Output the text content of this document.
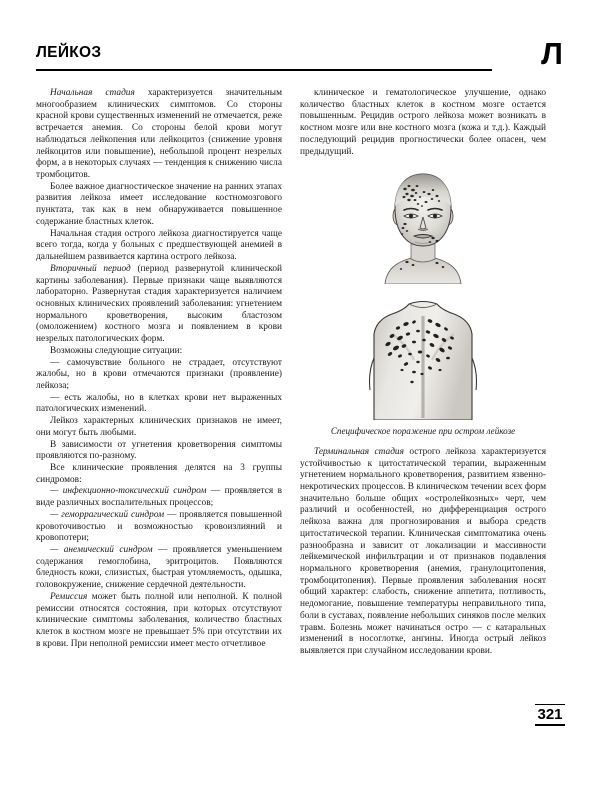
ЛЕЙКОЗ	Л

Начальная стадия характеризуется значительным многообразием клинических симптомов. Со стороны красной крови существенных изменений не отмечается, реже встречается анемия. Со стороны белой крови могут наблюдаться лейкопения или лейкоцитоз (снижение уровня лейкоцитов или повышение), небольшой процент незрелых форм, а в некоторых случаях — тенденция к снижению числа тромбоцитов.

Более важное диагностическое значение на ранних этапах развития лейкоза имеет исследование костномозгового пунктата, так как в нем обнаруживается повышенное содержание бластных клеток.

Начальная стадия острого лейкоза диагностируется чаще всего тогда, когда у больных с предшествующей анемией в дальнейшем развивается картина острого лейкоза.

Вторичный период (период развернутой клинической картины заболевания). Первые признаки чаще выявляются лабораторно. Развернутая стадия характеризуется наличием основных клинических проявлений заболевания: угнетением нормального кроветворения, высоким бластозом (омоложением) костного мозга и появлением в крови незрелых патологических форм.

Возможны следующие ситуации:

— самочувствие больного не страдает, отсутствуют жалобы, но в крови отмечаются признаки (проявление) лейкоза;

— есть жалобы, но в клетках крови нет выраженных патологических изменений.

Лейкоз характерных клинических признаков не имеет, они могут быть любыми.

В зависимости от угнетения кроветворения симптомы проявляются по-разному.

Все клинические проявления делятся на 3 группы синдромов:

— инфекционно-токсический синдром — проявляется в виде различных воспалительных процессов;

— геморрагический синдром — проявляется повышенной кровоточивостью и возможностью кровоизлияний и кровопотери;

— анемический синдром — проявляется уменьшением содержания гемоглобина, эритроцитов. Появляются бледность кожи, слизистых, быстрая утомляемость, одышка, головокружение, снижение сердечной деятельности.

Ремиссия может быть полной или неполной. К полной ремиссии относятся состояния, при которых отсутствуют клинические симптомы заболевания, количество бластных клеток в костном мозге не превышает 5% при отсутствии их в крови. При неполной ремиссии имеет место отчетливое

клиническое и гематологическое улучшение, однако количество бластных клеток в костном мозге остается повышенным. Рецидив острого лейкоза может возникать в костном мозге или вне костного мозга (кожа и т.д.). Каждый последующий рецидив прогностически более опасен, чем предыдущий.

Специфическое поражение при остром лейкозе

Терминальная стадия острого лейкоза характеризуется устойчивостью к цитостатической терапии, выраженным угнетением нормального кроветворения, развитием язвенно-некротических процессов. В клиническом течении всех форм значительно больше общих «остролейкозных» черт, чем различий и особенностей, но дифференциация острого лейкоза важна для прогнозирования и выбора средств цитостатической терапии. Клиническая симптоматика очень разнообразна и зависит от локализации и массивности лейкемической инфильтрации и от признаков подавления нормального кроветворения (анемия, гранулоцитопения, тромбоцитопения). Первые проявления заболевания носят общий характер: слабость, снижение аппетита, потливость, недомогание, повышение температуры неправильного типа, боли в суставах, появление небольших синяков после мелких травм. Болезнь может начинаться остро — с катаральных изменений в носоглотке, ангины. Иногда острый лейкоз выявляется при случайном исследовании крови.

321
